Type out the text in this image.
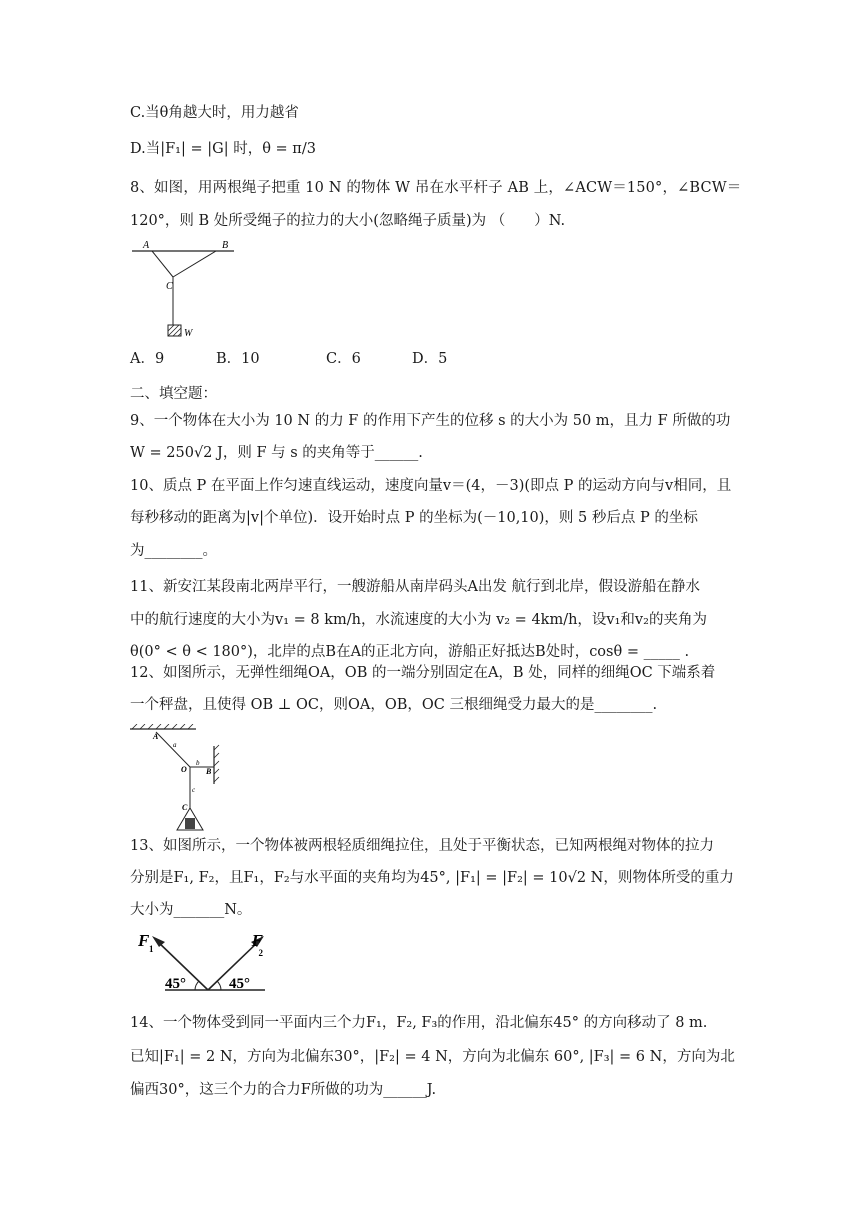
C.当θ角越大时，用力越省
D.当|F₁| = |G| 时，θ = π/3
8、如图，用两根绳子把重 10 N 的物体 W 吊在水平杆子 AB 上，∠ACW＝150°，∠BCW＝
120°，则 B 处所受绳子的拉力的大小(忽略绳子质量)为 （　　）N.
A	B
C
W
A．9	B．10	C．6	D．5
二、填空题：
9、一个物体在大小为 10 N 的力 F 的作用下产生的位移 s 的大小为 50 m，且力 F 所做的功
W = 250√2 J，则 F 与 s 的夹角等于______.
10、质点 P 在平面上作匀速直线运动，速度向量v＝(4，－3)(即点 P 的运动方向与v相同，且
每秒移动的距离为|v|个单位)．设开始时点 P 的坐标为(－10,10)，则 5 秒后点 P 的坐标
为________。
11、新安江某段南北两岸平行，一艘游船从南岸码头A出发 航行到北岸，假设游船在静水
中的航行速度的大小为v₁ = 8 km/h，水流速度的大小为 v₂ = 4km/h，设v₁和v₂的夹角为
θ(0° < θ < 180°)，北岸的点B在A的正北方向，游船正好抵达B处时，cosθ = _____ .
12、如图所示，无弹性细绳OA，OB 的一端分别固定在A，B 处，同样的细绳OC 下端系着
一个秤盘，且使得 OB ⊥ OC，则OA，OB，OC 三根细绳受力最大的是________.
A
a
O
b
B
c
C
13、如图所示，一个物体被两根轻质细绳拉住，且处于平衡状态，已知两根绳对物体的拉力
分别是F₁, F₂，且F₁，F₂与水平面的夹角均为45°, |F₁| = |F₂| = 10√2 N，则物体所受的重力
大小为_______N。
F 1	F
2
45°	45°
14、一个物体受到同一平面内三个力F₁，F₂, F₃的作用，沿北偏东45° 的方向移动了 8 m.
已知|F₁| = 2 N，方向为北偏东30°，|F₂| = 4 N，方向为北偏东 60°, |F₃| = 6 N，方向为北
偏西30°，这三个力的合力F所做的功为______J.
